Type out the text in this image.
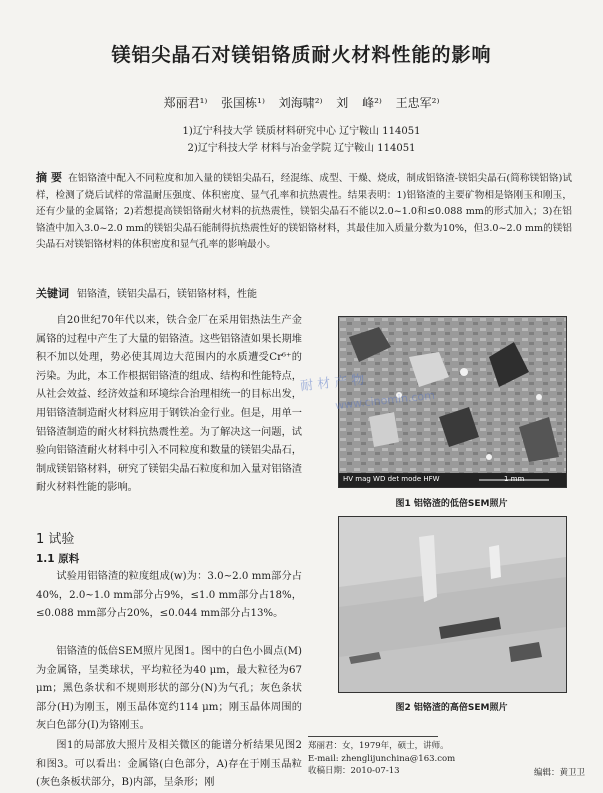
镁铝尖晶石对镁铝铬质耐火材料性能的影响
郑丽君¹⁾ 张国栋¹⁾ 刘海啸²⁾ 刘 峰²⁾ 王忠军²⁾
1)辽宁科技大学 镁质材料研究中心 辽宁鞍山 114051
2)辽宁科技大学 材料与冶金学院 辽宁鞍山 114051
摘 要 在铝铬渣中配入不同粒度和加入量的镁铝尖晶石，经混练、成型、干燥、烧成，制成铝铬渣-镁铝尖晶石(简称镁铝铬)试样，检测了烧后试样的常温耐压强度、体积密度、显气孔率和抗热震性。结果表明：1)铝铬渣的主要矿物相是铬刚玉和刚玉，还有少量的金属铬；2)若想提高镁铝铬耐火材料的抗热震性，镁铝尖晶石不能以2.0~1.0和≤0.088 mm的形式加入；3)在铝铬渣中加入3.0~2.0 mm的镁铝尖晶石能制得抗热震性好的镁铝铬材料，其最佳加入质量分数为10%，但3.0~2.0 mm的镁铝尖晶石对镁铝铬材料的体积密度和显气孔率的影响最小。
关键词 铝铬渣，镁铝尖晶石，镁铝铬材料，性能
自20世纪70年代以来，铁合金厂在采用铝热法生产金属铬的过程中产生了大量的铝铬渣。这些铝铬渣如果长期堆积不加以处理，势必使其周边大范围内的水质遭受Cr⁶⁺的污染。为此，本工作根据铝铬渣的组成、结构和性能特点，从社会效益、经济效益和环境综合治理相统一的目标出发，用铝铬渣制造耐火材料应用于钢铁冶金行业。但是，用单一铝铬渣制造的耐火材料抗热震性差。为了解决这一问题，试验向铝铬渣耐火材料中引入不同粒度和数量的镁铝尖晶石，制成镁铝铬材料，研究了镁铝尖晶石粒度和加入量对铝铬渣耐火材料性能的影响。
1 试验
1.1 原料
试验用铝铬渣的粒度组成(w)为：3.0~2.0 mm部分占40%，2.0~1.0 mm部分占9%，≤1.0 mm部分占18%，≤0.088 mm部分占20%，≤0.044 mm部分占13%。
铝铬渣的低倍SEM照片见图1。图中的白色小圆点(M)为金属铬，呈类球状，平均粒径为40 μm，最大粒径为67 μm；黑色条状和不规则形状的部分(N)为气孔；灰色条状部分(H)为刚玉，刚玉晶体宽约114 μm；刚玉晶体周围的灰白色部分(I)为铬刚玉。
图1的局部放大照片及相关微区的能谱分析结果见图2和图3。可以看出：金属铬(白色部分，A)存在于刚玉晶粒(灰色条板状部分，B)内部，呈条形；刚
HV mag WD det mode HFW	1 mm
图1 铝铬渣的低倍SEM照片
图2 铝铬渣的高倍SEM照片
耐 材 产 物
www.cinomin.com
郑丽君：女，1979年，硕士，讲师。
E-mail: zhenglijunchina@163.com
收稿日期：2010-07-13	编辑：黄卫卫
